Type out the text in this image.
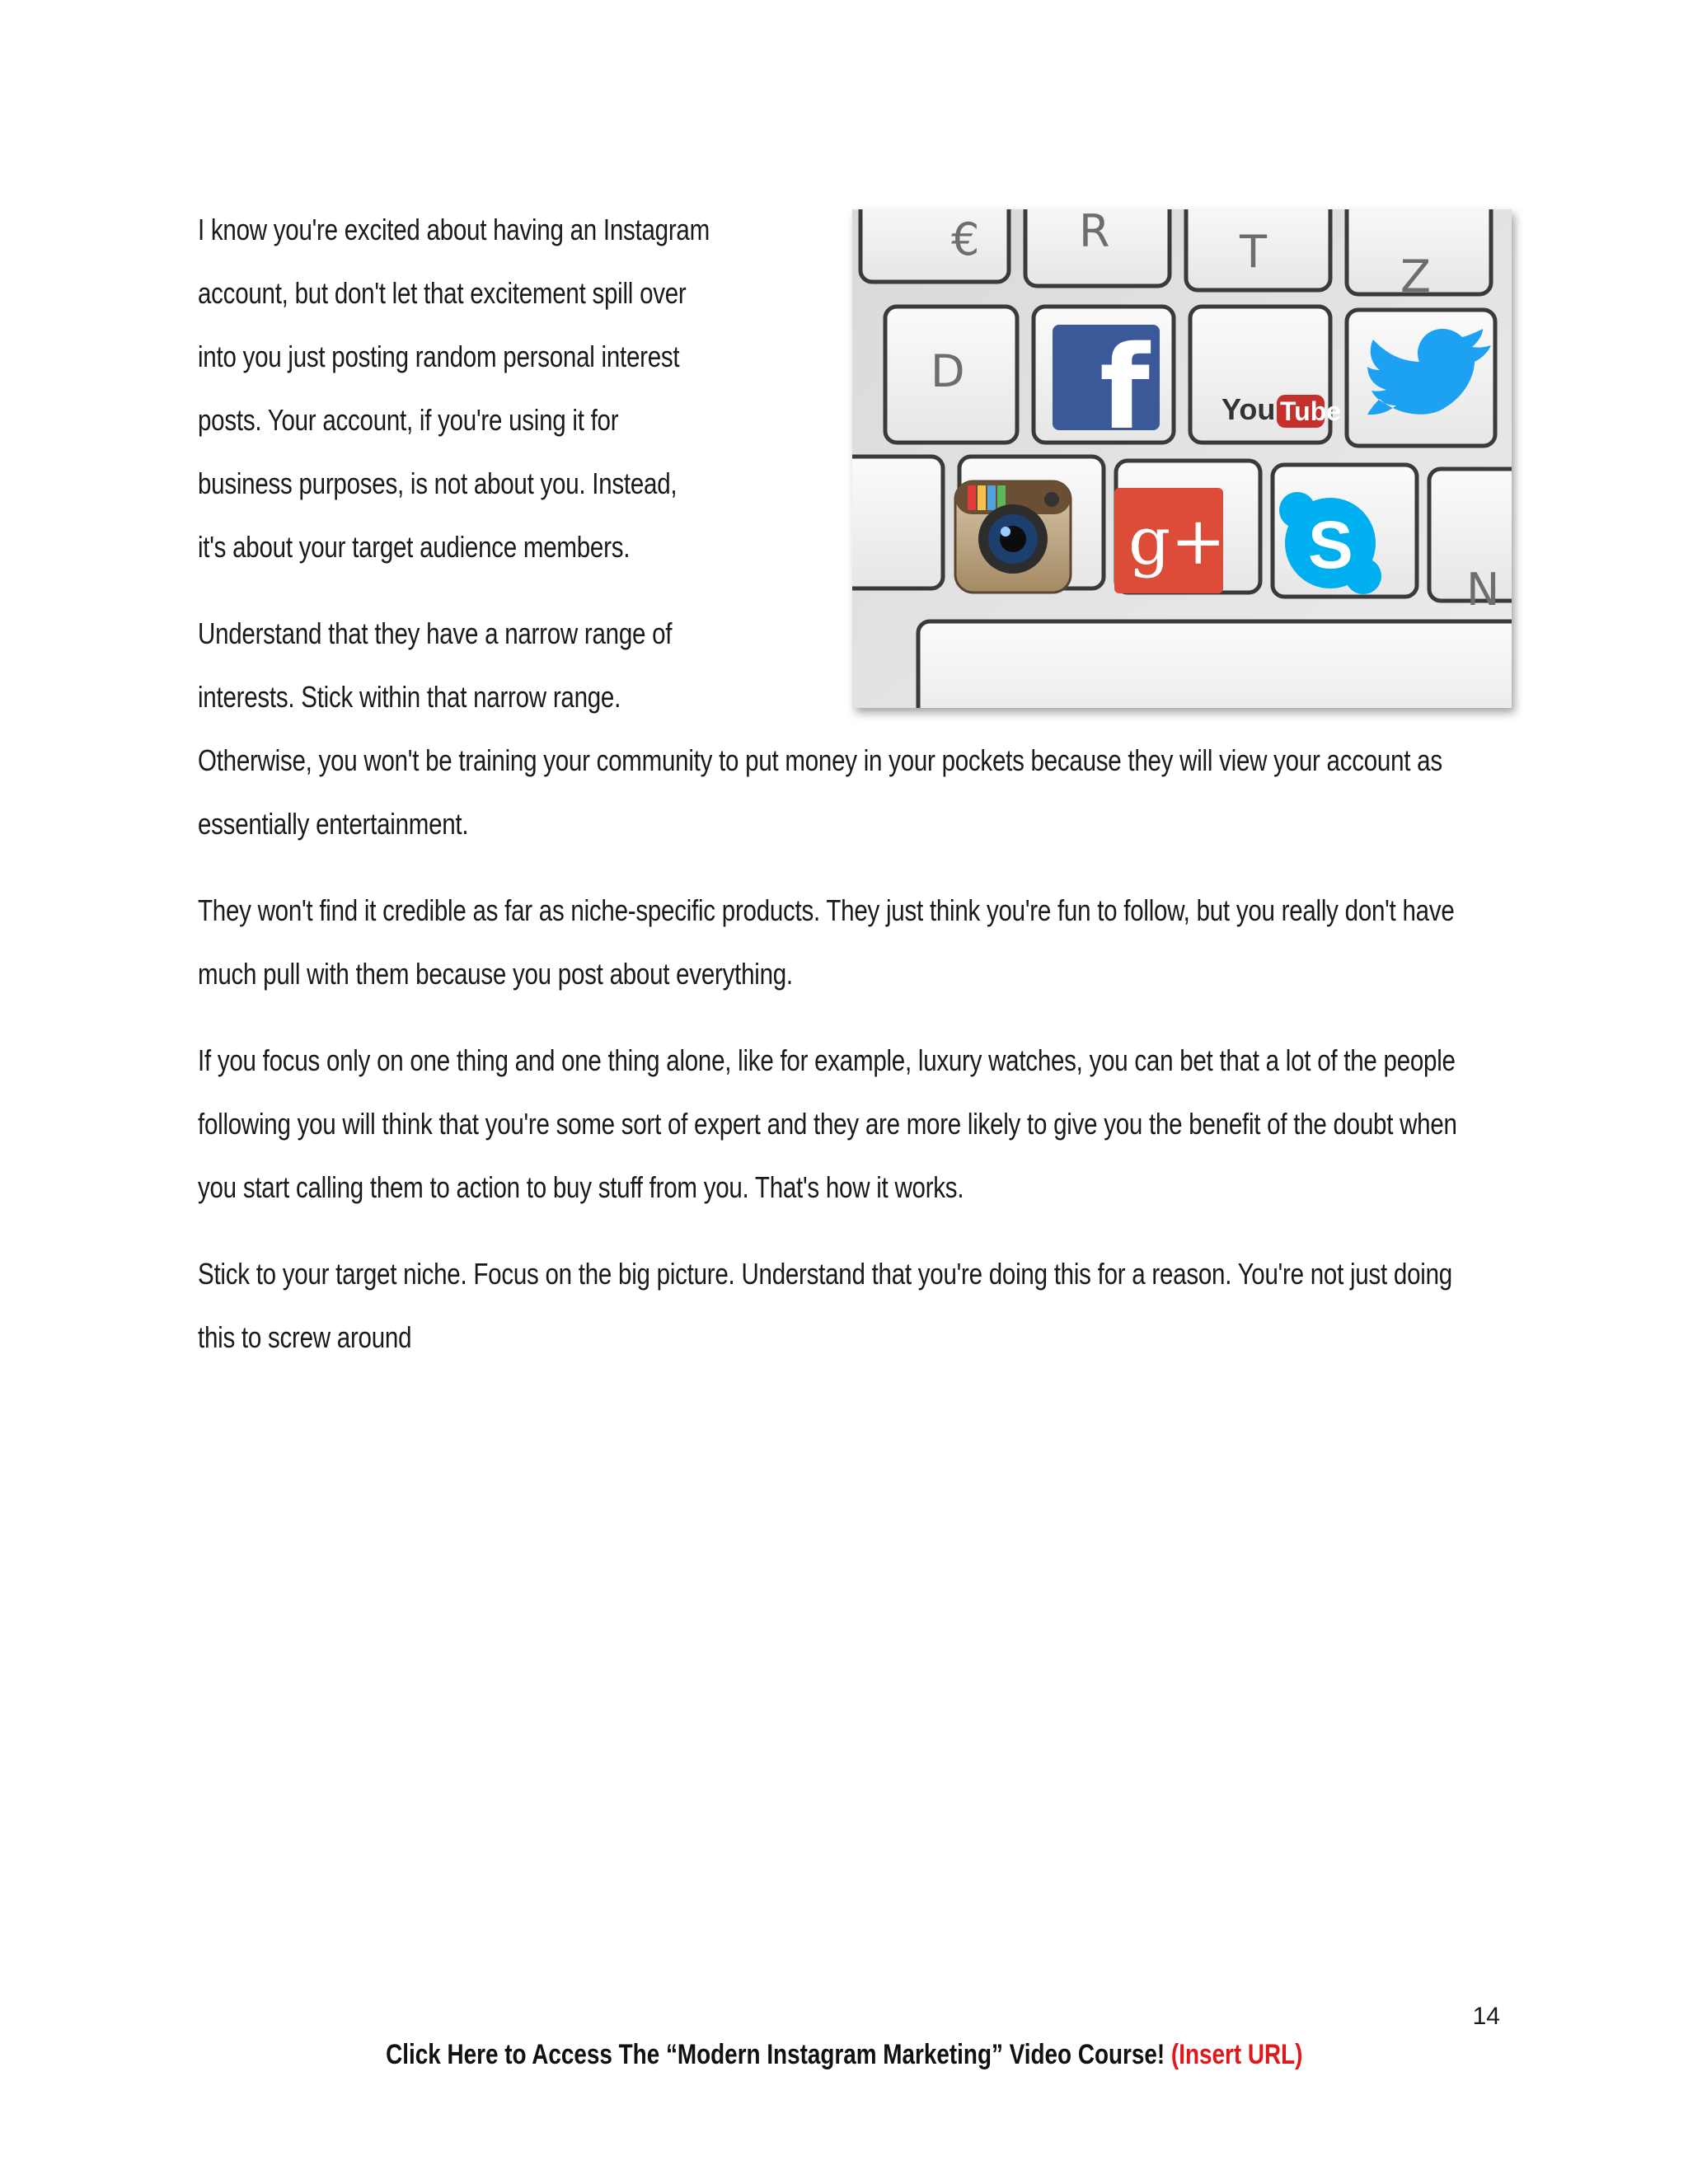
€ R	T	Z
D
N
f You Tube
g+ S

I know you're excited about having an Instagram account, but don't let that excitement spill over into you just posting random personal interest posts. Your account, if you're using it for business purposes, is not about you. Instead, it's about your target audience members.

Understand that they have a narrow range of interests. Stick within that narrow range. Otherwise, you won't be training your community to put money in your pockets because they will view your account as essentially entertainment.

They won't find it credible as far as niche-specific products. They just think you're fun to follow, but you really don't have much pull with them because you post about everything.

If you focus only on one thing and one thing alone, like for example, luxury watches, you can bet that a lot of the people following you will think that you're some sort of expert and they are more likely to give you the benefit of the doubt when you start calling them to action to buy stuff from you. That's how it works.

Stick to your target niche. Focus on the big picture. Understand that you're doing this for a reason. You're not just doing this to screw around

14
Click Here to Access The “Modern Instagram Marketing” Video Course! (Insert URL)
